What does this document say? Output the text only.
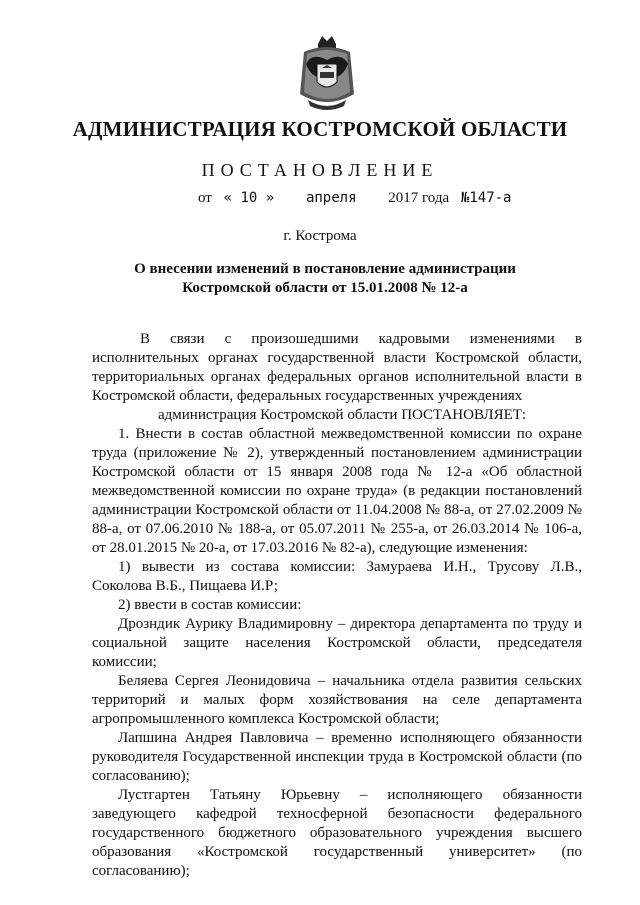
АДМИНИСТРАЦИЯ КОСТРОМСКОЙ ОБЛАСТИ
ПОСТАНОВЛЕНИЕ
от « 10 » апреля 2017 года №147-а
г. Кострома
О внесении изменений в постановление администрации
Костромской области от 15.01.2008 № 12-а

В связи с произошедшими кадровыми изменениями в исполнительных органах государственной власти Костромской области, территориальных органах федеральных органов исполнительной власти в Костромской области, федеральных государственных учреждениях

администрация Костромской области ПОСТАНОВЛЯЕТ:

1. Внести в состав областной межведомственной комиссии по охране труда (приложение № 2), утвержденный постановлением администрации Костромской области от 15 января 2008 года № 12-а «Об областной межведомственной комиссии по охране труда» (в редакции постановлений администрации Костромской области от 11.04.2008 № 88-а, от 27.02.2009 № 88-а, от 07.06.2010 № 188-а, от 05.07.2011 № 255-а, от 26.03.2014 № 106-а, от 28.01.2015 № 20-а, от 17.03.2016 № 82-а), следующие изменения:

1) вывести из состава комиссии: Замураева И.Н., Трусову Л.В., Соколова В.Б., Пищаева И.Р;

2) ввести в состав комиссии:

Дрозндик Аурику Владимировну – директора департамента по труду и социальной защите населения Костромской области, председателя комиссии;

Беляева Сергея Леонидовича – начальника отдела развития сельских территорий и малых форм хозяйствования на селе департамента агропромышленного комплекса Костромской области;

Лапшина Андрея Павловича – временно исполняющего обязанности руководителя Государственной инспекции труда в Костромской области (по согласованию);

Лустгартен Татьяну Юрьевну – исполняющего обязанности заведующего кафедрой техносферной безопасности федерального государственного бюджетного образовательного учреждения высшего образования «Костромской государственный университет» (по согласованию);
